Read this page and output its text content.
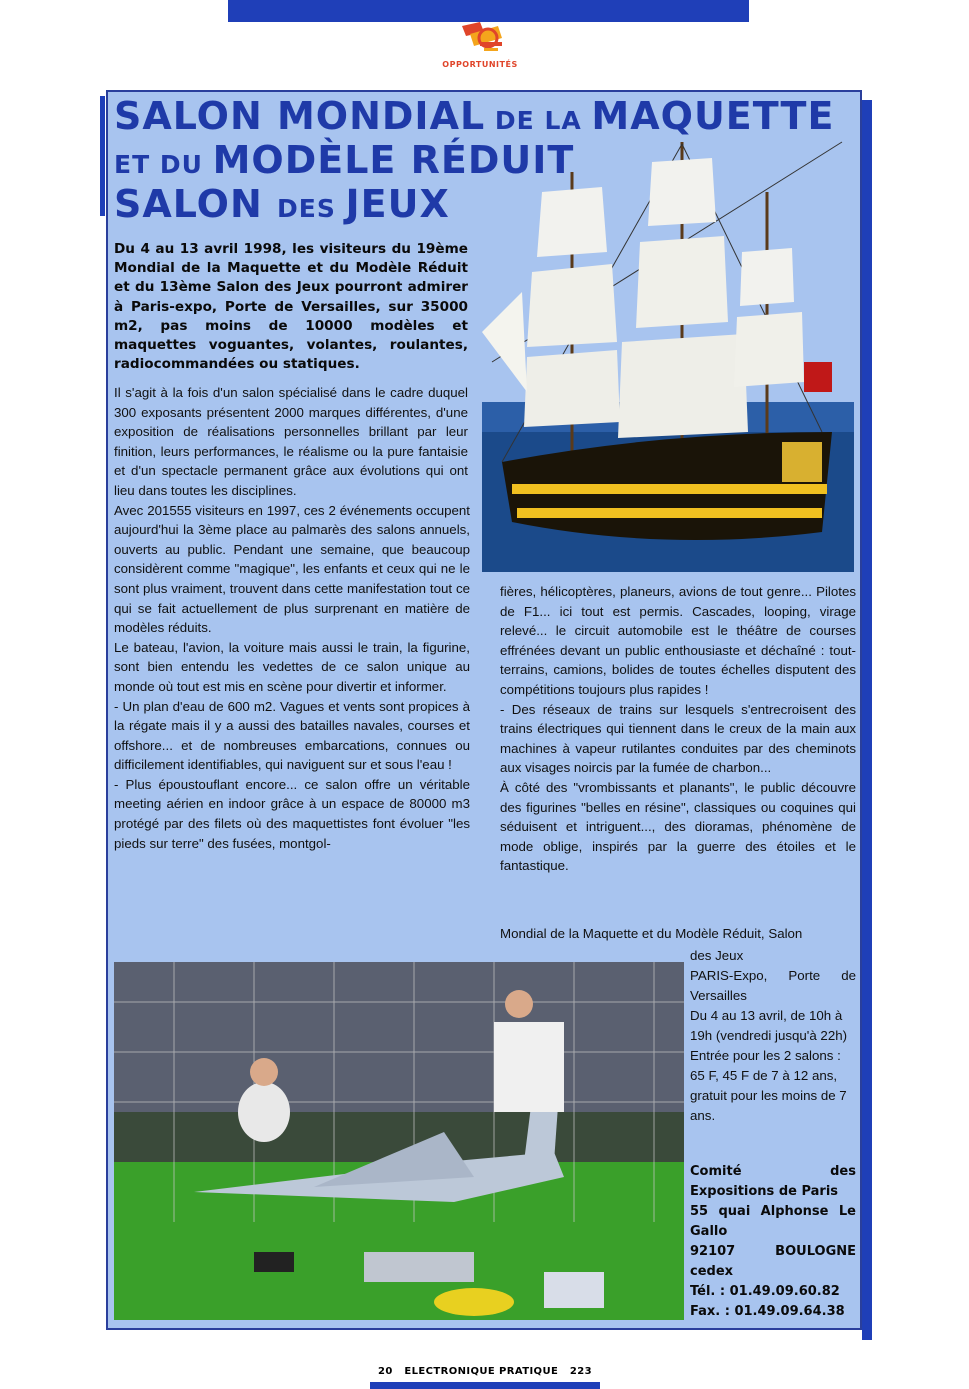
OPPORTUNITÉS
SALON MONDIAL DE LA MAQUETTE
ET DU MODÈLE RÉDUIT
SALON DES JEUX
Du 4 au 13 avril 1998, les visiteurs du 19ème Mondial de la Maquette et du Modèle Réduit et du 13ème Salon des Jeux pourront admirer à Paris-expo, Porte de Versailles, sur 35000 m2, pas moins de 10000 modèles et maquettes voguantes, volantes, roulantes, radiocommandées ou statiques.

Il s'agit à la fois d'un salon spécialisé dans le cadre duquel 300 exposants présentent 2000 marques différentes, d'une exposition de réalisations personnelles brillant par leur finition, leurs performances, le réalisme ou la pure fantaisie et d'un spectacle permanent grâce aux évolutions qui ont lieu dans toutes les disciplines.

Avec 201555 visiteurs en 1997, ces 2 événements occupent aujourd'hui la 3ème place au palmarès des salons annuels, ouverts au public. Pendant une semaine, que beaucoup considèrent comme "magique", les enfants et ceux qui ne le sont plus vraiment, trouvent dans cette manifestation tout ce qui se fait actuellement de plus surprenant en matière de modèles réduits.

Le bateau, l'avion, la voiture mais aussi le train, la figurine, sont bien entendu les vedettes de ce salon unique au monde où tout est mis en scène pour divertir et informer.

- Un plan d'eau de 600 m2. Vagues et vents sont propices à la régate mais il y a aussi des batailles navales, courses et offshore... et de nombreuses embarcations, connues ou difficilement identifiables, qui naviguent sur et sous l'eau !

- Plus époustouflant encore... ce salon offre un véritable meeting aérien en indoor grâce à un espace de 80000 m3 protégé par des filets où des maquettistes font évoluer "les pieds sur terre" des fusées, montgol-

fières, hélicoptères, planeurs, avions de tout genre... Pilotes de F1... ici tout est permis. Cascades, looping, virage relevé... le circuit automobile est le théâtre de courses effrénées devant un public enthousiaste et déchaîné : tout-terrains, camions, bolides de toutes échelles disputent des compétitions toujours plus rapides !

- Des réseaux de trains sur lesquels s'entrecroisent des trains électriques qui tiennent dans le creux de la main aux machines à vapeur rutilantes conduites par des cheminots aux visages noircis par la fumée de charbon...

À côté des "vrombissants et planants", le public découvre des figurines "belles en résine", classiques ou coquines qui séduisent et intriguent..., des dioramas, phénomène de mode oblige, inspirés par la guerre des étoiles et le fantastique.

Mondial de la Maquette et du Modèle Réduit, Salon
des Jeux
PARIS-Expo, Porte de Versailles
Du 4 au 13 avril, de 10h à 19h (vendredi jusqu'à 22h)
Entrée pour les 2 salons : 65 F, 45 F de 7 à 12 ans, gratuit pour les moins de 7 ans.
Comité des Expositions de Paris
55 quai Alphonse Le Gallo
92107 BOULOGNE cedex
Tél. : 01.49.09.60.82
Fax. : 01.49.09.64.38
20 ELECTRONIQUE PRATIQUE 223
